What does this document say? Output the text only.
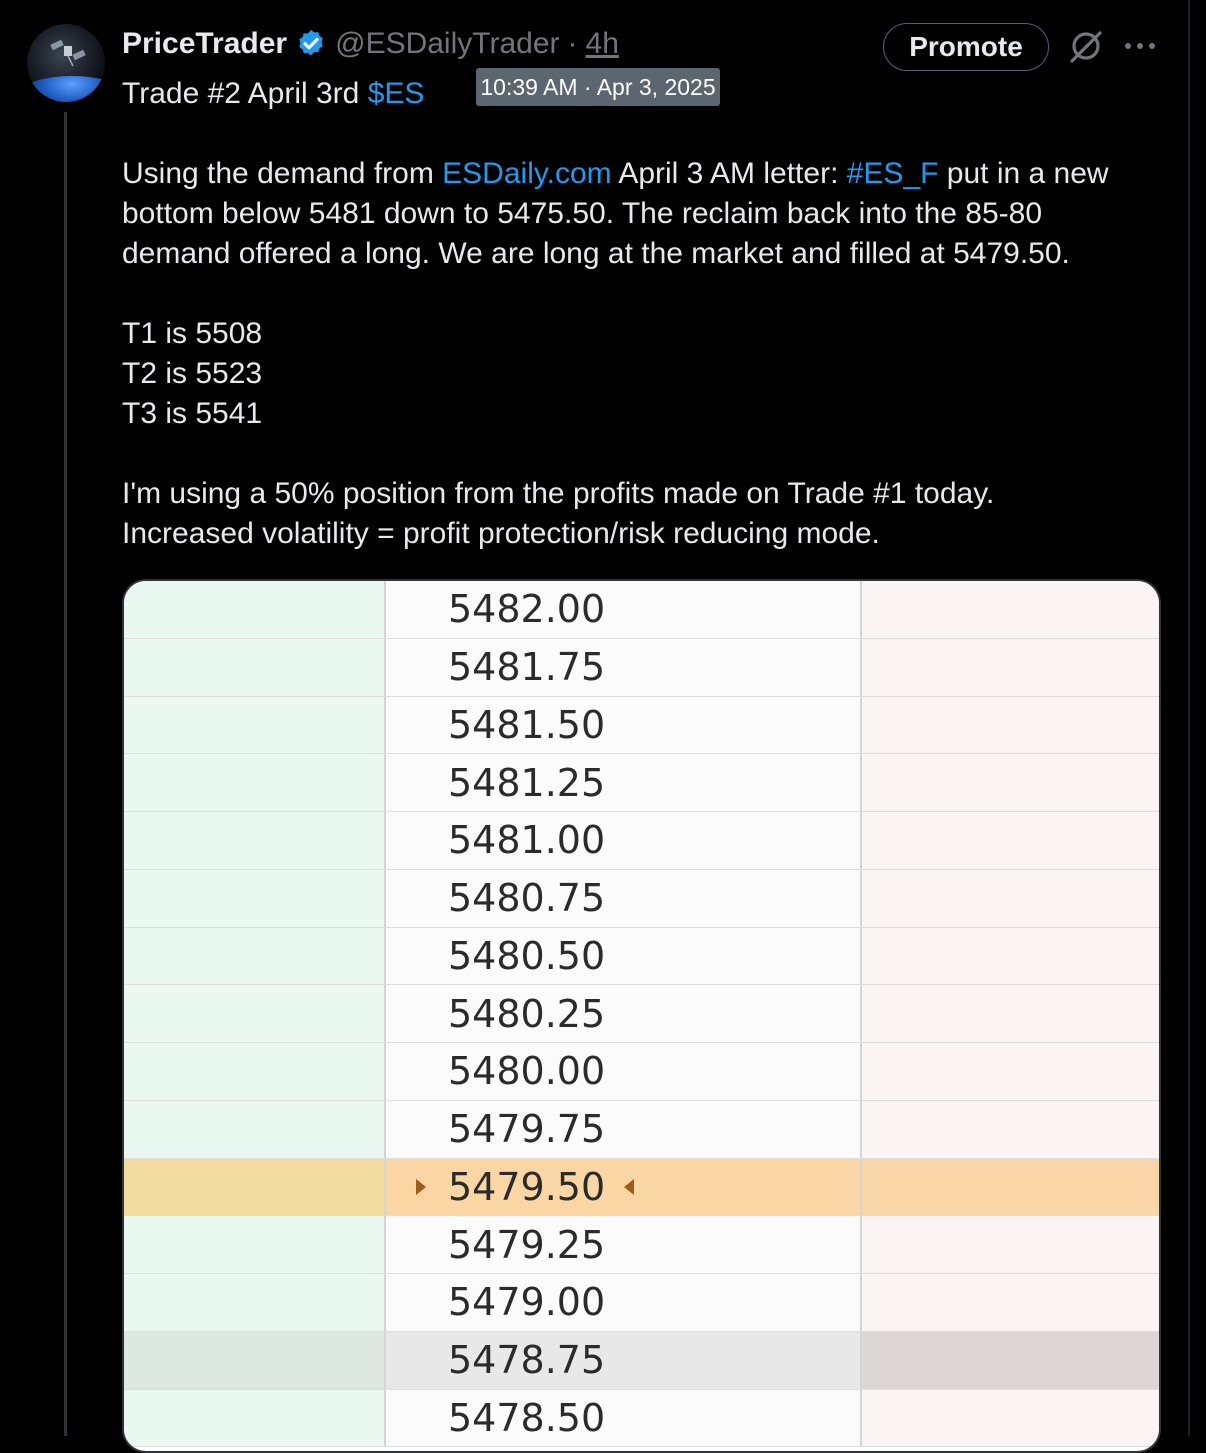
PriceTrader @ESDailyTrader · 4h	Promote

Trade #2 April 3rd $ES

Using the demand from ESDaily.com April 3 AM letter: #ES_F put in a new bottom below 5481 down to 5475.50. The reclaim back into the 85-80 demand offered a long. We are long at the market and filled at 5479.50.

T1 is 5508

T2 is 5523

T3 is 5541

I'm using a 50% position from the profits made on Trade #1 today.

Increased volatility = profit protection/risk reducing mode.

10:39 AM · Apr 3, 2025
5482.00
5481.75
5481.50
5481.25
5481.00
5480.75
5480.50
5480.25
5480.00
5479.75
5479.50
5479.25
5479.00
5478.75
5478.50
